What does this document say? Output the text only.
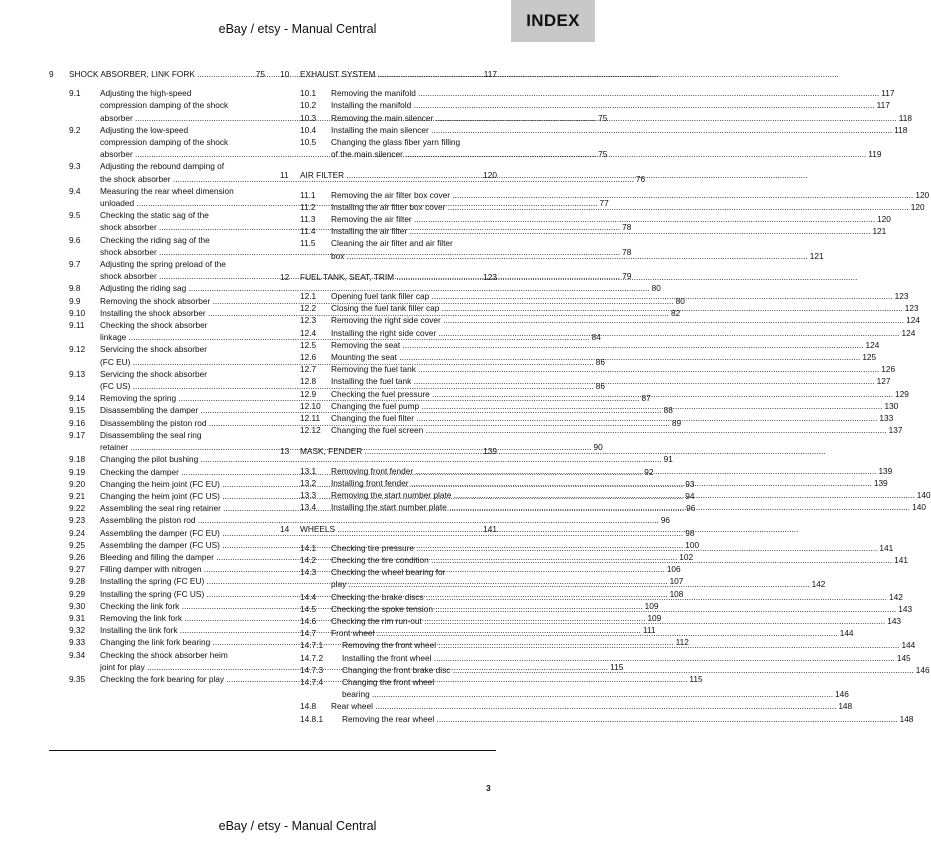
eBay / etsy - Manual Central	INDEX
9	SHOCK ABSORBER, LINK FORK .....	75
9.1	Adjusting the high-speed
compression damping of the shock
absorber .....	75
9.2	Adjusting the low-speed
compression damping of the shock
absorber .....	75
9.3	Adjusting the rebound damping of
the shock absorber .....	76
9.4	Measuring the rear wheel dimension
unloaded .....	77
9.5	Checking the static sag of the
shock absorber .....	78
9.6	Checking the riding sag of the
shock absorber .....	78
9.7	Adjusting the spring preload of the
shock absorber .....	79
9.8	Adjusting the riding sag .....	80
9.9	Removing the shock absorber .....	80
9.10	Installing the shock absorber .....	82
9.11	Checking the shock absorber
linkage .....	84
9.12	Servicing the shock absorber
(FC EU) .....	86
9.13	Servicing the shock absorber
(FC US) .....	86
9.14	Removing the spring .....	87
9.15	Disassembling the damper .....	88
9.16	Disassembling the piston rod .....	89
9.17	Disassembling the seal ring
retainer .....	90
9.18	Changing the pilot bushing .....	91
9.19	Checking the damper .....	92
9.20	Changing the heim joint (FC EU) .....	93
9.21	Changing the heim joint (FC US) .....	94
9.22	Assembling the seal ring retainer .....	96
9.23	Assembling the piston rod .....	96
9.24	Assembling the damper (FC EU) .....	98
9.25	Assembling the damper (FC US) .....	100
9.26	Bleeding and filling the damper .....	102
9.27	Filling damper with nitrogen .....	106
9.28	Installing the spring (FC EU) .....	107
9.29	Installing the spring (FC US) .....	108
9.30	Checking the link fork .....	109
9.31	Removing the link fork .....	109
9.32	Installing the link fork .....	111
9.33	Changing the link fork bearing .....	112
9.34	Checking the shock absorber heim
joint for play .....	115
9.35	Checking the fork bearing for play .....	115
10	EXHAUST SYSTEM .....	117
10.1	Removing the manifold .....	117
10.2	Installing the manifold .....	117
10.3	Removing the main silencer .....	118
10.4	Installing the main silencer .....	118
10.5	Changing the glass fiber yarn filling
of the main silencer .....	119
11	AIR FILTER .....	120
11.1	Removing the air filter box cover .....	120
11.2	Installing the air filter box cover .....	120
11.3	Removing the air filter .....	120
11.4	Installing the air filter .....	121
11.5	Cleaning the air filter and air filter
box .....	121
12	FUEL TANK, SEAT, TRIM .....	123
12.1	Opening fuel tank filler cap .....	123
12.2	Closing the fuel tank filler cap .....	123
12.3	Removing the right side cover .....	124
12.4	Installing the right side cover .....	124
12.5	Removing the seat .....	124
12.6	Mounting the seat .....	125
12.7	Removing the fuel tank .....	126
12.8	Installing the fuel tank .....	127
12.9	Checking the fuel pressure .....	129
12.10	Changing the fuel pump .....	130
12.11	Changing the fuel filter .....	133
12.12	Changing the fuel screen .....	137
13	MASK, FENDER .....	139
13.1	Removing front fender .....	139
13.2	Installing front fender .....	139
13.3	Removing the start number plate .....	140
13.4	Installing the start number plate .....	140
14	WHEELS .....	141
14.1	Checking tire pressure .....	141
14.2	Checking the tire condition .....	141
14.3	Checking the wheel bearing for
play .....	142
14.4	Checking the brake discs .....	142
14.5	Checking the spoke tension .....	143
14.6	Checking the rim run-out .....	143
14.7	Front wheel .....	144
14.7.1	Removing the front wheel .....	144
14.7.2	Installing the front wheel .....	145
14.7.3	Changing the front brake disc .....	146
14.7.4	Changing the front wheel
bearing .....	146
14.8	Rear wheel .....	148
14.8.1	Removing the rear wheel .....	148
3
eBay / etsy - Manual Central
